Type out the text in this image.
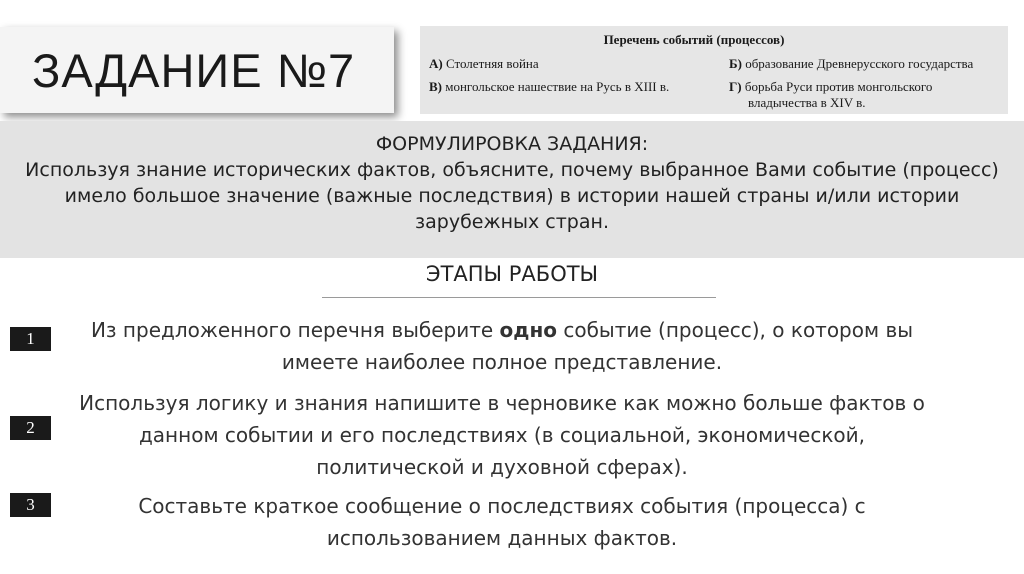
ЗАДАНИЕ №7
Перечень событий (процессов)
А) Столетняя война	Б) образование Древнерусского государства
В) монгольское нашествие на Русь в XIII в.	Г) борьба Руси против монгольского
владычества в XIV в.
ФОРМУЛИРОВКА ЗАДАНИЯ:
Используя знание исторических фактов, объясните, почему выбранное Вами событие (процесс) имело большое значение (важные последствия) в истории нашей страны и/или истории зарубежных стран.
ЭТАПЫ РАБОТЫ
1	Из предложенного перечня выберите одно событие (процесс), о котором вы имеете наиболее полное представление.
2
Используя логику и знания напишите в черновике как можно больше фактов о данном событии и его последствиях (в социальной, экономической, политической и духовной сферах).
3	Составьте краткое сообщение о последствиях события (процесса) с использованием данных фактов.
